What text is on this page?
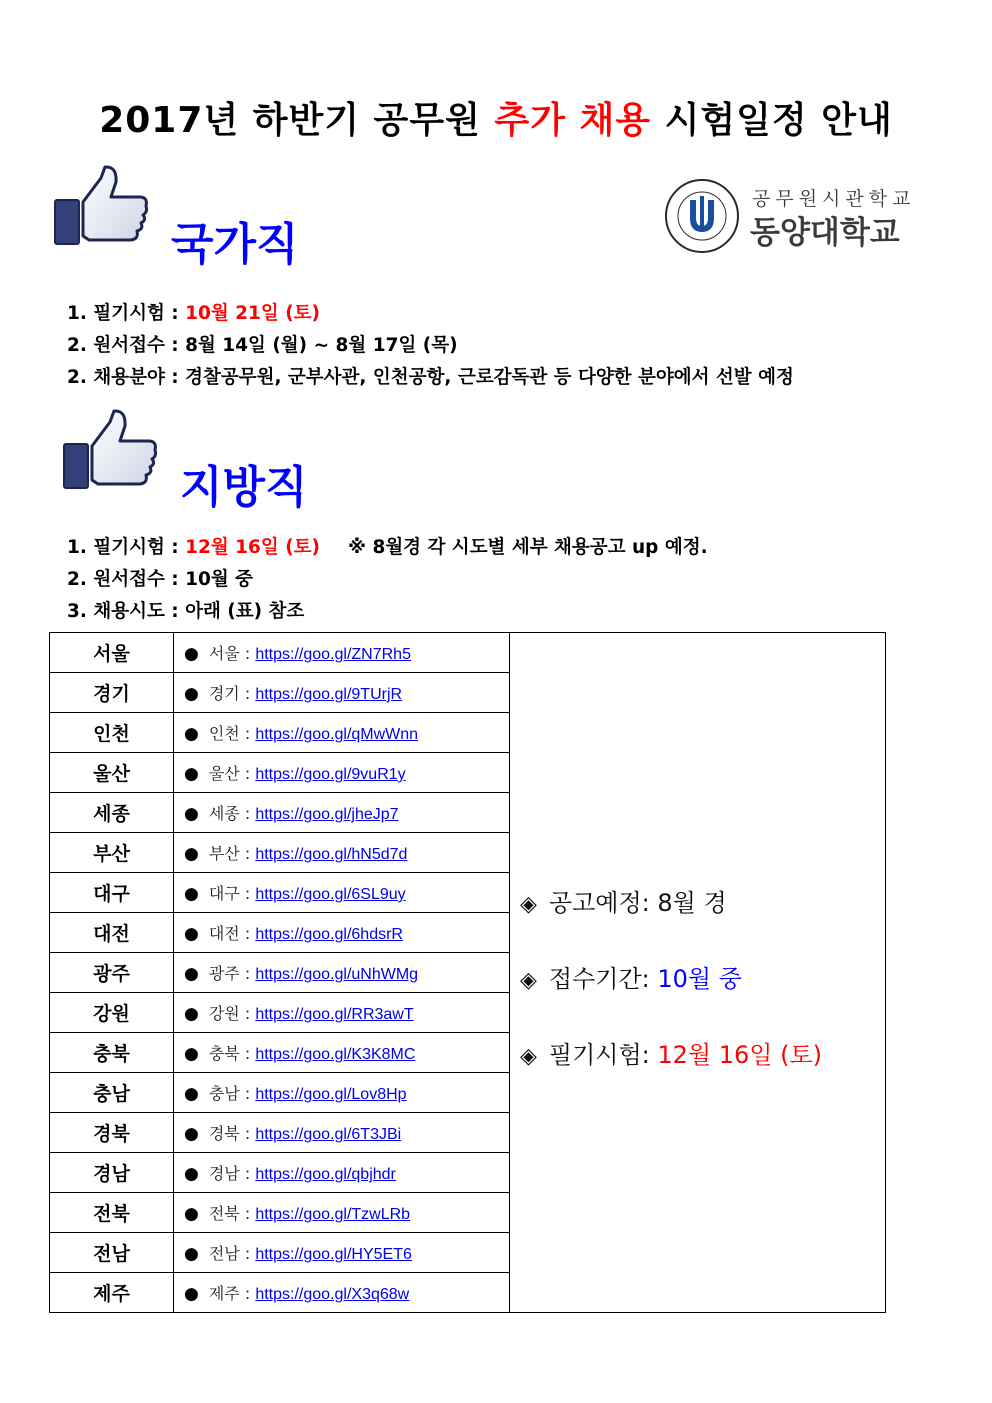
2017년 하반기 공무원 추가 채용 시험일정 안내
국가직
공무원시관학교
동양대학교
1. 필기시험 : 10월 21일 (토)
2. 원서접수 : 8월 14일 (월) ~ 8월 17일 (목)
2. 채용분야 : 경찰공무원, 군부사관, 인천공항, 근로감독관 등 다양한 분야에서 선발 예정
지방직
1. 필기시험 : 12월 16일 (토) ※ 8월경 각 시도별 세부 채용공고 up 예정.
2. 원서접수 : 10월 중
3. 채용시도 : 아래 (표) 참조
서울	● 서울 : https://goo.gl/ZN7Rh5	◈ 공고예정: 8월 경
◈ 접수기간: 10월 중
◈ 필기시험: 12월 16일 (토)

경기	● 경기 : https://goo.gl/9TUrjR	
인천	● 인천 : https://goo.gl/qMwWnn	
울산	● 울산 : https://goo.gl/9vuR1y	
세종	● 세종 : https://goo.gl/jheJp7	
부산	● 부산 : https://goo.gl/hN5d7d	
대구	● 대구 : https://goo.gl/6SL9uy	
대전	● 대전 : https://goo.gl/6hdsrR	
광주	● 광주 : https://goo.gl/uNhWMg	
강원	● 강원 : https://goo.gl/RR3awT	
충북	● 충북 : https://goo.gl/K3K8MC	
충남	● 충남 : https://goo.gl/Lov8Hp	
경북	● 경북 : https://goo.gl/6T3JBi	
경남	● 경남 : https://goo.gl/qbjhdr	
전북	● 전북 : https://goo.gl/TzwLRb	
전남	● 전남 : https://goo.gl/HY5ET6	
제주	● 제주 : https://goo.gl/X3q68w	
